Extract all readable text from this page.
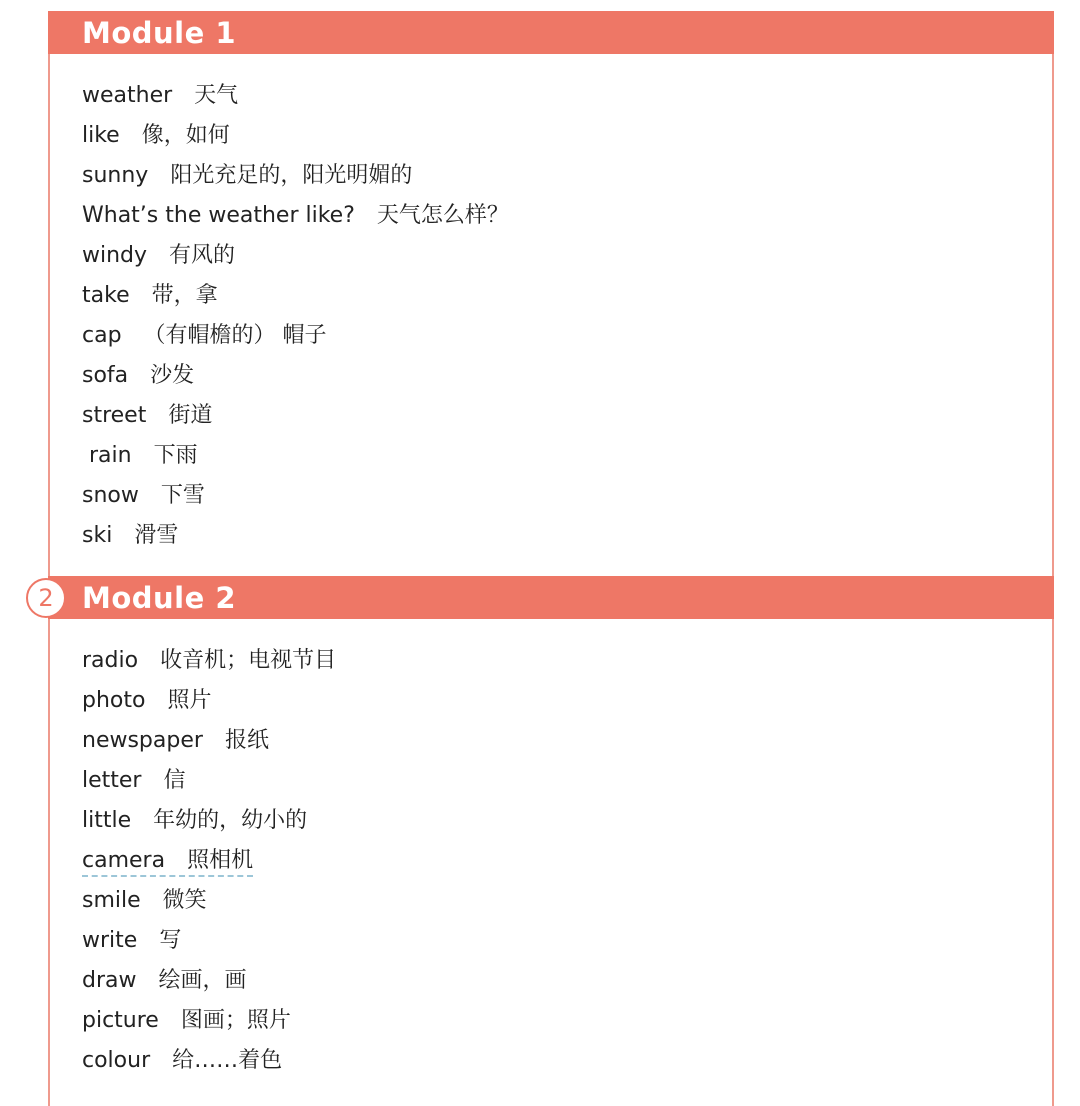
Module 1
weather 天气
like 像，如何
sunny 阳光充足的，阳光明媚的
What’s the weather like? 天气怎么样？
windy 有风的
take 带，拿
cap （有帽檐的） 帽子
sofa 沙发
street 街道
rain 下雨
snow 下雪
ski 滑雪
Module 2
radio 收音机；电视节目
photo 照片
newspaper 报纸
letter 信
little 年幼的，幼小的
camera 照相机
smile 微笑
write 写
draw 绘画，画
picture 图画；照片
colour 给……着色
2
